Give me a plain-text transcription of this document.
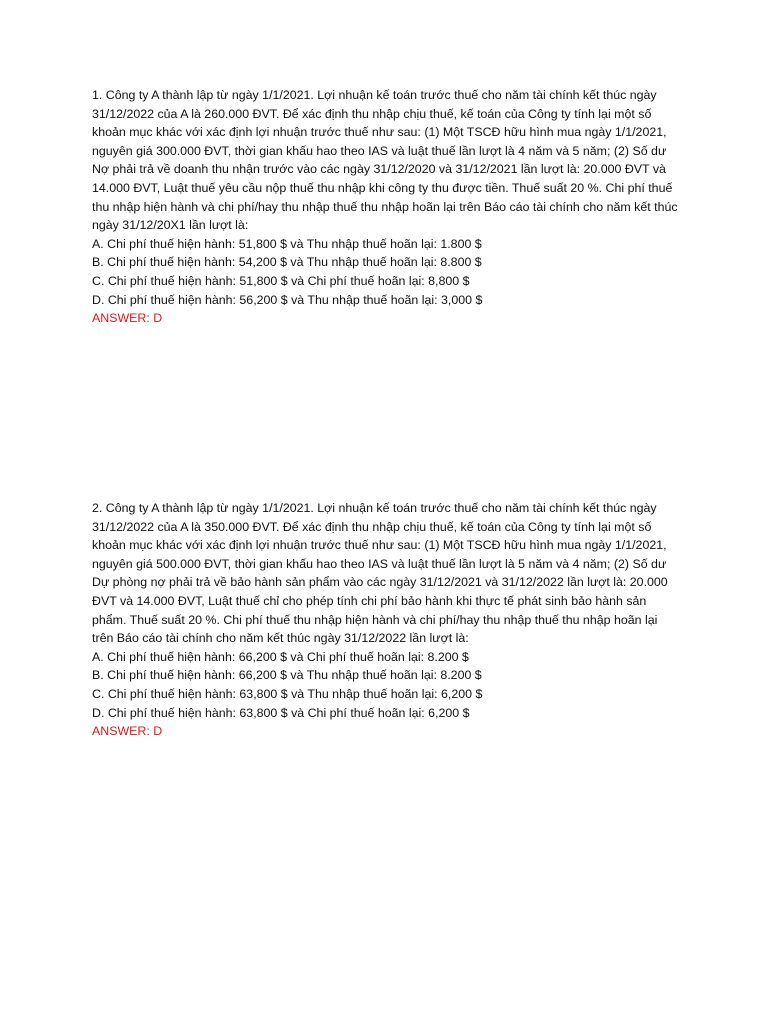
1. Công ty A thành lập từ ngày 1/1/2021. Lợi nhuận kế toán trước thuế cho năm tài chính kết thúc ngày 31/12/2022 của A là 260.000 ĐVT. Để xác định thu nhập chịu thuế, kế toán của Công ty tính lại một số khoản mục khác với xác định lợi nhuận trước thuế như sau: (1) Một TSCĐ hữu hình mua ngày 1/1/2021, nguyên giá 300.000 ĐVT, thời gian khấu hao theo IAS và luật thuế lần lượt là 4 năm và 5 năm; (2) Số dư Nợ phải trả về doanh thu nhận trước vào các ngày 31/12/2020 và 31/12/2021 lần lượt là: 20.000 ĐVT và 14.000 ĐVT, Luật thuế yêu cầu nộp thuế thu nhập khi công ty thu được tiền. Thuế suất 20 %. Chi phí thuế thu nhập hiện hành và chi phí/hay thu nhập thuế thu nhập hoãn lại trên Báo cáo tài chính cho năm kết thúc ngày 31/12/20X1 lần lượt là:

A. Chi phí thuế hiện hành: 51,800 $ và Thu nhập thuế hoãn lại: 1.800 $
B. Chi phí thuế hiện hành: 54,200 $ và Thu nhập thuế hoãn lại: 8.800 $
C. Chi phí thuế hiện hành: 51,800 $ và Chi phí thuế hoãn lại: 8,800 $
D. Chi phí thuế hiện hành: 56,200 $ và Thu nhập thuế hoãn lại: 3,000 $

ANSWER: D

2. Công ty A thành lập từ ngày 1/1/2021. Lợi nhuận kế toán trước thuế cho năm tài chính kết thúc ngày 31/12/2022 của A là 350.000 ĐVT. Để xác định thu nhập chịu thuế, kế toán của Công ty tính lại một số khoản mục khác với xác định lợi nhuận trước thuế như sau: (1) Một TSCĐ hữu hình mua ngày 1/1/2021, nguyên giá 500.000 ĐVT, thời gian khấu hao theo IAS và luật thuế lần lượt là 5 năm và 4 năm; (2) Số dư Dự phòng nợ phải trả về bảo hành sản phẩm vào các ngày 31/12/2021 và 31/12/2022 lần lượt là: 20.000 ĐVT và 14.000 ĐVT, Luật thuế chỉ cho phép tính chi phí bảo hành khi thực tế phát sinh bảo hành sản phẩm. Thuế suất 20 %. Chi phí thuế thu nhập hiện hành và chi phí/hay thu nhập thuế thu nhập hoãn lại trên Báo cáo tài chính cho năm kết thúc ngày 31/12/2022 lần lượt là:

A. Chi phí thuế hiện hành: 66,200 $ và Chi phí thuế hoãn lại: 8.200 $
B. Chi phí thuế hiện hành: 66,200 $ và Thu nhập thuế hoãn lại: 8.200 $
C. Chi phí thuế hiện hành: 63,800 $ và Thu nhập thuế hoãn lại: 6,200 $
D. Chi phí thuế hiện hành: 63,800 $ và Chi phí thuế hoãn lại: 6,200 $

ANSWER: D
